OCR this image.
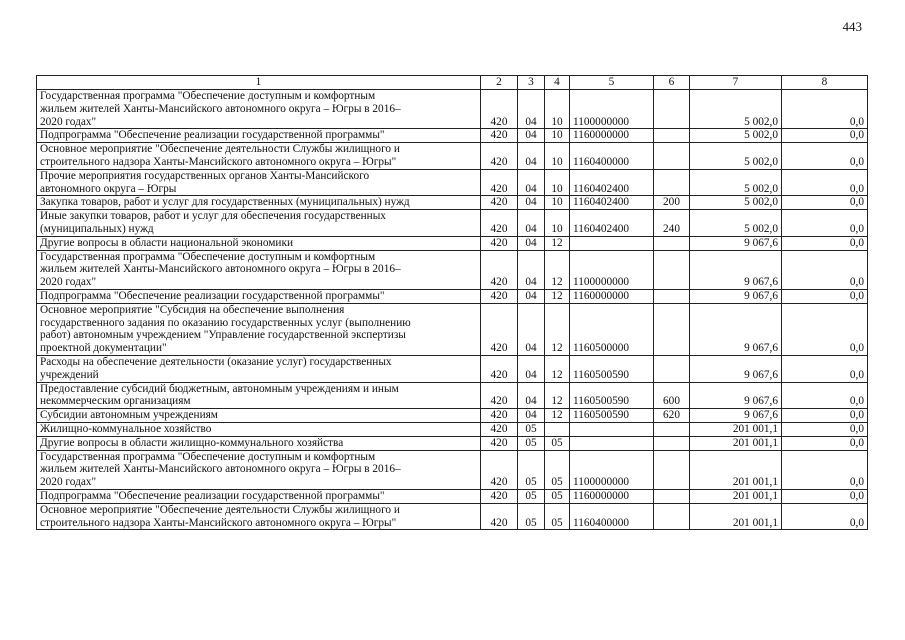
443
1	2	3	4	5	6	7	8
Государственная программа "Обеспечение доступным и комфортным
жильем жителей Ханты-Мансийского автономного округа – Югры в 2016–
2020 годах"	420	04	10	1100000000		5 002,0	0,0
Подпрограмма "Обеспечение реализации государственной программы"	420	04	10	1160000000		5 002,0	0,0
Основное мероприятие "Обеспечение деятельности Службы жилищного и
строительного надзора Ханты-Мансийского автономного округа – Югры"	420	04	10	1160400000		5 002,0	0,0
Прочие мероприятия государственных органов Ханты-Мансийского
автономного округа – Югры	420	04	10	1160402400		5 002,0	0,0
Закупка товаров, работ и услуг для государственных (муниципальных) нужд	420	04	10	1160402400	200	5 002,0	0,0
Иные закупки товаров, работ и услуг для обеспечения государственных
(муниципальных) нужд	420	04	10	1160402400	240	5 002,0	0,0
Другие вопросы в области национальной экономики	420	04	12			9 067,6	0,0
Государственная программа "Обеспечение доступным и комфортным
жильем жителей Ханты-Мансийского автономного округа – Югры в 2016–
2020 годах"	420	04	12	1100000000		9 067,6	0,0
Подпрограмма "Обеспечение реализации государственной программы"	420	04	12	1160000000		9 067,6	0,0
Основное мероприятие "Субсидия на обеспечение выполнения
государственного задания по оказанию государственных услуг (выполнению
работ) автономным учреждением "Управление государственной экспертизы
проектной документации"	420	04	12	1160500000		9 067,6	0,0
Расходы на обеспечение деятельности (оказание услуг) государственных
учреждений	420	04	12	1160500590		9 067,6	0,0
Предоставление субсидий бюджетным, автономным учреждениям и иным
некоммерческим организациям	420	04	12	1160500590	600	9 067,6	0,0
Субсидии автономным учреждениям	420	04	12	1160500590	620	9 067,6	0,0
Жилищно-коммунальное хозяйство	420	05				201 001,1	0,0
Другие вопросы в области жилищно-коммунального хозяйства	420	05	05			201 001,1	0,0
Государственная программа "Обеспечение доступным и комфортным
жильем жителей Ханты-Мансийского автономного округа – Югры в 2016–
2020 годах"	420	05	05	1100000000		201 001,1	0,0
Подпрограмма "Обеспечение реализации государственной программы"	420	05	05	1160000000		201 001,1	0,0
Основное мероприятие "Обеспечение деятельности Службы жилищного и
строительного надзора Ханты-Мансийского автономного округа – Югры"	420	05	05	1160400000		201 001,1	0,0
